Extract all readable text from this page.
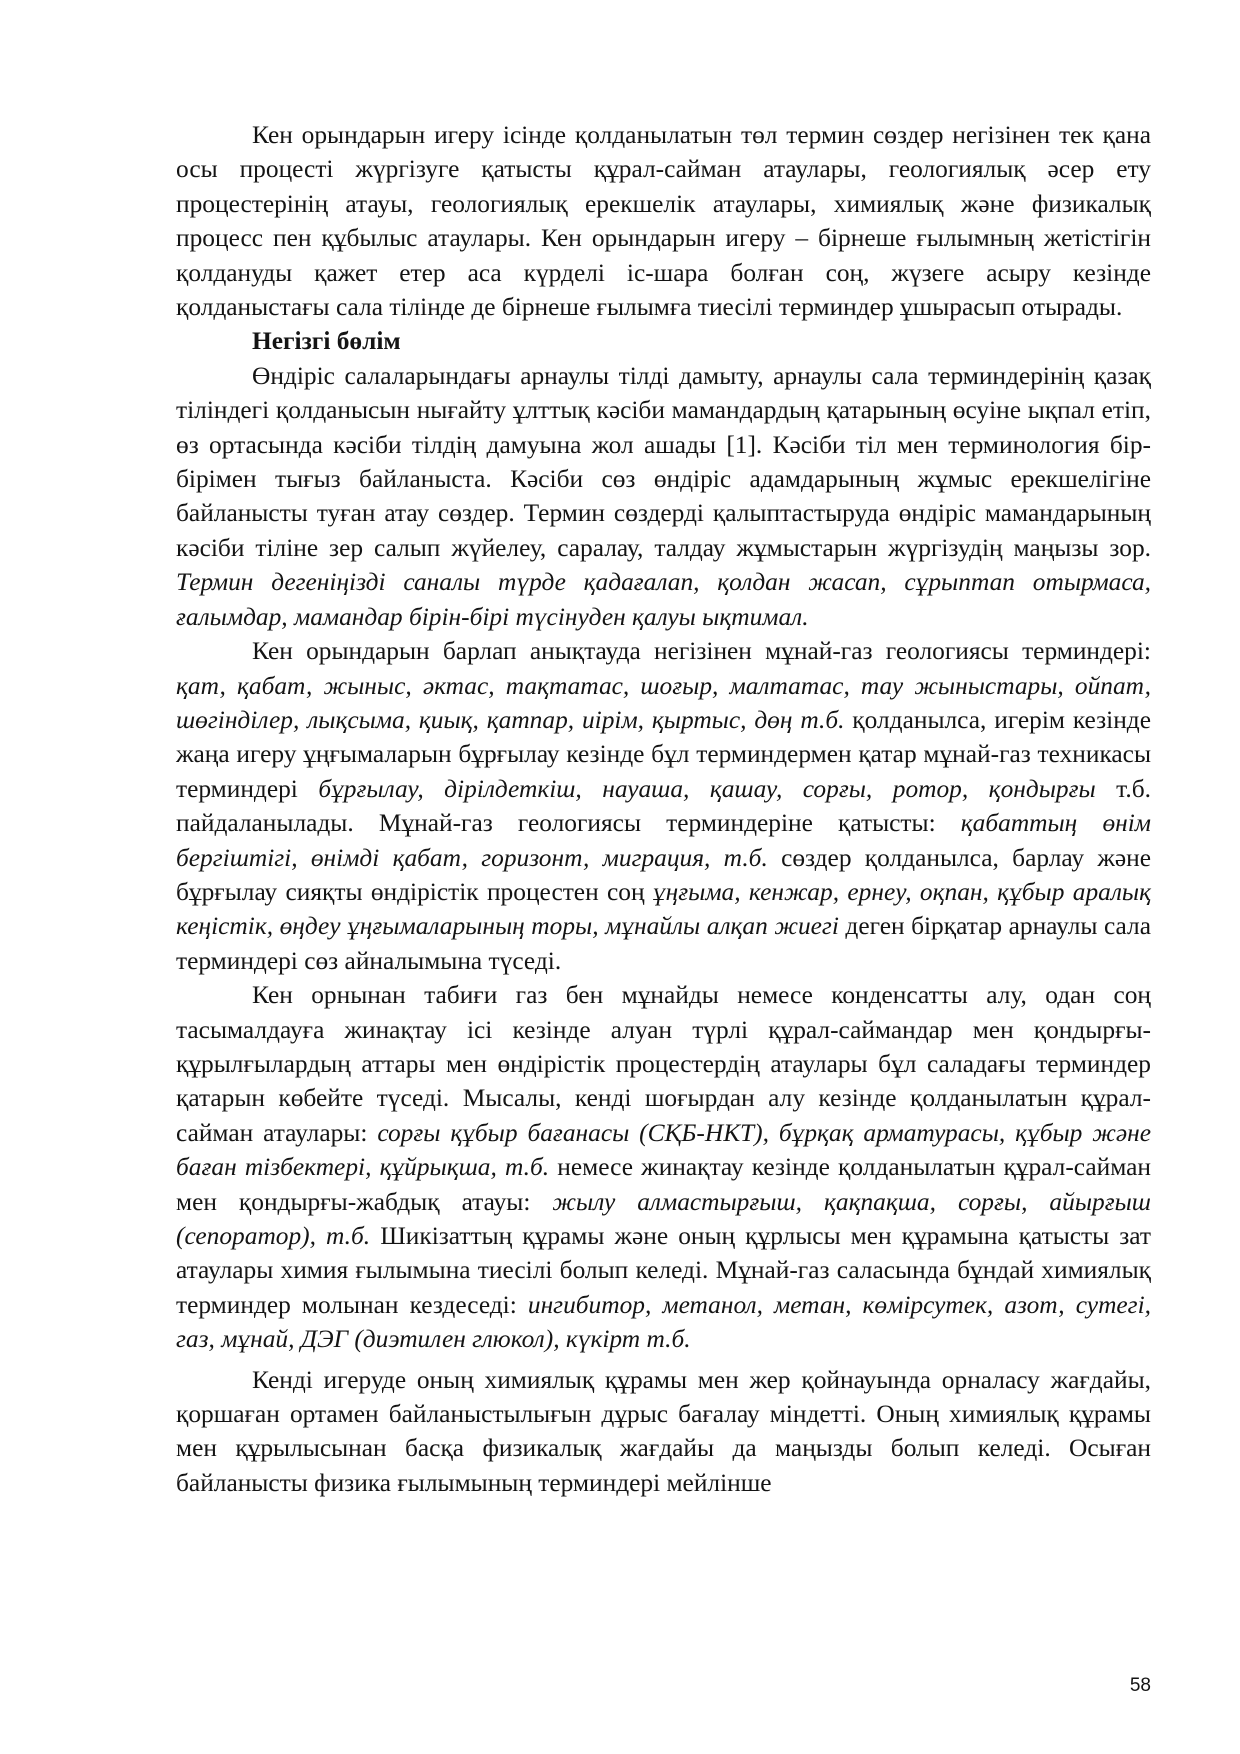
Кен орындарын игеру ісінде қолданылатын төл термин сөздер негізінен тек қана осы процесті жүргізуге қатысты құрал-сайман атаулары, геологиялық әсер ету процестерінің атауы, геологиялық ерекшелік атаулары, химиялық және физикалық процесс пен құбылыс атаулары. Кен орындарын игеру – бірнеше ғылымның жетістігін қолдануды қажет етер аса күрделі іс-шара болған соң, жүзеге асыру кезінде қолданыстағы сала тілінде де бірнеше ғылымға тиесілі терминдер ұшырасып отырады.

Негізгі бөлім

Өндіріс салаларындағы арнаулы тілді дамыту, арнаулы сала терминдерінің қазақ тіліндегі қолданысын нығайту ұлттық кәсіби мамандардың қатарының өсуіне ықпал етіп, өз ортасында кәсіби тілдің дамуына жол ашады [1]. Кәсіби тіл мен терминология бір-бірімен тығыз байланыста. Кәсіби сөз өндіріс адамдарының жұмыс ерекшелігіне байланысты туған атау сөздер. Термин сөздерді қалыптастыруда өндіріс мамандарының кәсіби тіліне зер салып жүйелеу, саралау, талдау жұмыстарын жүргізудің маңызы зор. Термин дегеніңізді саналы түрде қадағалап, қолдан жасап, сұрыптап отырмаса, ғалымдар, мамандар бірін-бірі түсінуден қалуы ықтимал.

Кен орындарын барлап анықтауда негізінен мұнай-газ геологиясы терминдері: қат, қабат, жыныс, әктас, тақтатас, шоғыр, малтатас, тау жыныстары, ойпат, шөгінділер, лықсыма, қиық, қатпар, иірім, қыртыс, дөң т.б. қолданылса, игерім кезінде жаңа игеру ұңғымаларын бұрғылау кезінде бұл терминдермен қатар мұнай-газ техникасы терминдері бұрғылау, дірілдеткіш, науаша, қашау, сорғы, ротор, қондырғы т.б. пайдаланылады. Мұнай-газ геологиясы терминдеріне қатысты: қабаттың өнім бергіштігі, өнімді қабат, горизонт, миграция, т.б. сөздер қолданылса, барлау және бұрғылау сияқты өндірістік процестен соң ұңғыма, кенжар, ернеу, оқпан, құбыр аралық кеңістік, өңдеу ұңғымаларының торы, мұнайлы алқап жиегі деген бірқатар арнаулы сала терминдері сөз айналымына түседі.

Кен орнынан табиғи газ бен мұнайды немесе конденсатты алу, одан соң тасымалдауға жинақтау ісі кезінде алуан түрлі құрал-саймандар мен қондырғы-құрылғылардың аттары мен өндірістік процестердің атаулары бұл саладағы терминдер қатарын көбейте түседі. Мысалы, кенді шоғырдан алу кезінде қолданылатын құрал-сайман атаулары: сорғы құбыр бағанасы (СҚБ-НКТ), бұрқақ арматурасы, құбыр және баған тізбектері, құйрықша, т.б. немесе жинақтау кезінде қолданылатын құрал-сайман мен қондырғы-жабдық атауы: жылу алмастырғыш, қақпақша, сорғы, айырғыш (сепоратор), т.б. Шикізаттың құрамы және оның құрлысы мен құрамына қатысты зат атаулары химия ғылымына тиесілі болып келеді. Мұнай-газ саласында бұндай химиялық терминдер молынан кездеседі: ингибитор, метанол, метан, көмірсутек, азот, сутегі, газ, мұнай, ДЭГ (диэтилен глюкол), күкірт т.б.

Кенді игеруде оның химиялық құрамы мен жер қойнауында орналасу жағдайы, қоршаған ортамен байланыстылығын дұрыс бағалау міндетті. Оның химиялық құрамы мен құрылысынан басқа физикалық жағдайы да маңызды болып келеді. Осыған байланысты физика ғылымының терминдері мейлінше

58
